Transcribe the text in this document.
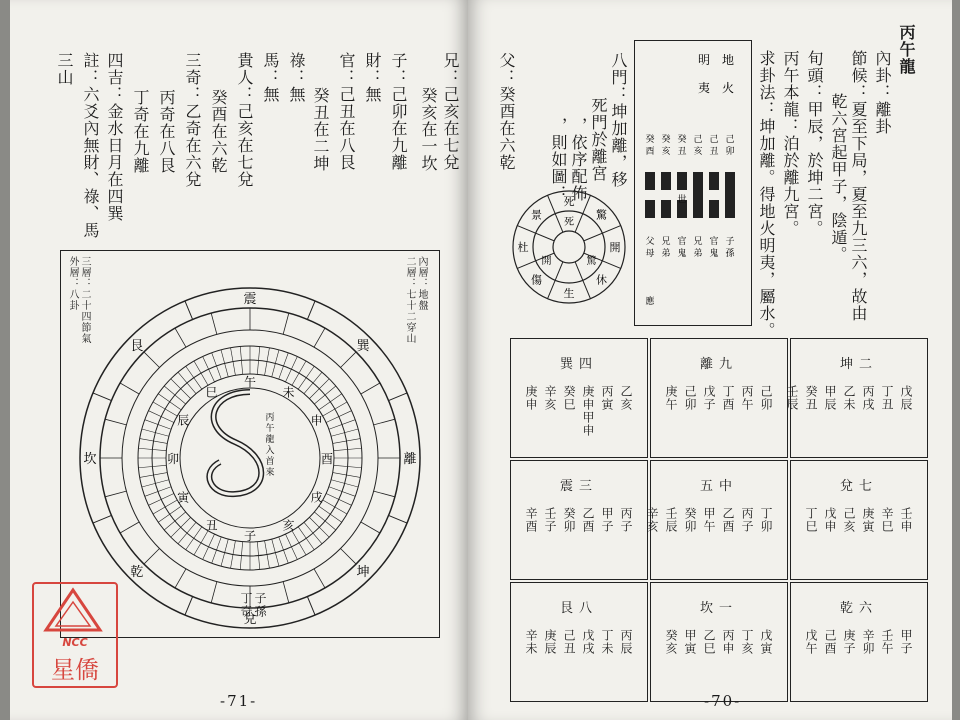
兄：己亥在七兌
　癸亥在一坎
子：己卯在九離
財：無
官：己丑在八艮
　癸丑在二坤
祿：無
馬：無
貴人：己亥在七兌
　癸酉在六乾
三奇：乙奇在六兌
　丙奇在八艮
　丁奇在九離
四吉：金水日月在四巽
註：六爻內無財、祿、馬
三山
內層：地盤
二層：七十二穿山
三層：二十四節氣
外層：八卦
兌
乾
坎
艮
震
巽
離
坤
子
丑
寅
卯
辰
巳
午
未
申
酉
戌
亥
丙
午
龍
入
首
來
子孫
丁奇
-71-
丙午龍
內卦：離卦
節候：夏至下局，夏至九三六，故由
　乾六宮起甲子，陰遁。
旬頭：甲辰，於坤二宮。
丙午本龍：泊於離九宮。
求卦法：坤加離。得地火明夷，屬水。
八門：坤加離，移
　死門於離宮
　，依序配佈
　，則如圖：
父：癸酉在六乾	地
火
明
夷
己
卯
子
孫
己
丑
官
鬼
己
亥
兄
弟
癸
丑
官
鬼
癸
亥
兄
弟
癸
酉
父
母
世
應
死
驚
開
休
生
傷
杜
景
死
驚
開
巽四
乙亥
丙寅
庚申甲申
癸巳
辛亥
庚申
離九
己卯
丙午
丁酉
戊子
己卯
庚午
坤二
戊辰
丁丑
丙戌
乙未
甲辰
癸丑
壬辰
震三
丙子
甲子
乙酉
癸卯
壬子
辛酉
五中
丁卯
丙子
乙酉
甲午
癸卯
壬辰
辛亥
兌七
壬申
辛巳
庚寅
己亥
戊申
丁巳
艮八
丙辰
丁未
戊戌
己丑
庚辰
辛未
坎一
戊寅
丁亥
丙申
乙巳
甲寅
癸亥
乾六
甲子
壬午
辛卯
庚子
己酉
戊午
-70-
NCC
星僑
